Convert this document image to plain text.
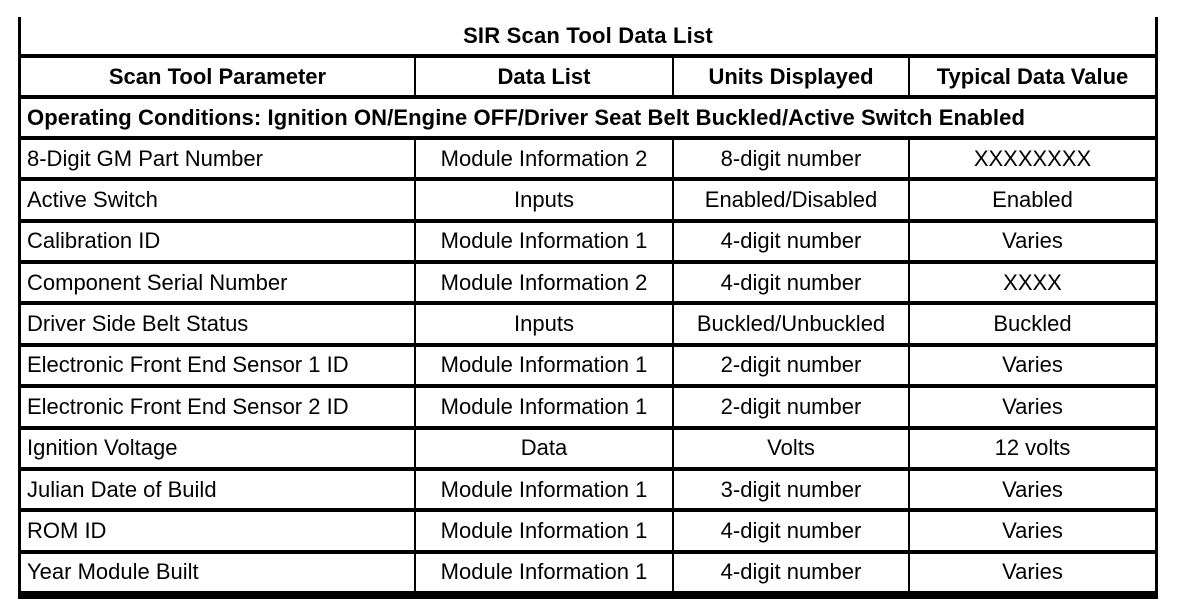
SIR Scan Tool Data List			
Scan Tool Parameter	Data List	Units Displayed	Typical Data Value
Operating Conditions: Ignition ON/Engine OFF/Driver Seat Belt Buckled/Active Switch Enabled			
8-Digit GM Part Number	Module Information 2	8-digit number	XXXXXXXX
Active Switch	Inputs	Enabled/Disabled	Enabled
Calibration ID	Module Information 1	4-digit number	Varies
Component Serial Number	Module Information 2	4-digit number	XXXX
Driver Side Belt Status	Inputs	Buckled/Unbuckled	Buckled
Electronic Front End Sensor 1 ID	Module Information 1	2-digit number	Varies
Electronic Front End Sensor 2 ID	Module Information 1	2-digit number	Varies
Ignition Voltage	Data	Volts	12 volts
Julian Date of Build	Module Information 1	3-digit number	Varies
ROM ID	Module Information 1	4-digit number	Varies
Year Module Built	Module Information 1	4-digit number	Varies
